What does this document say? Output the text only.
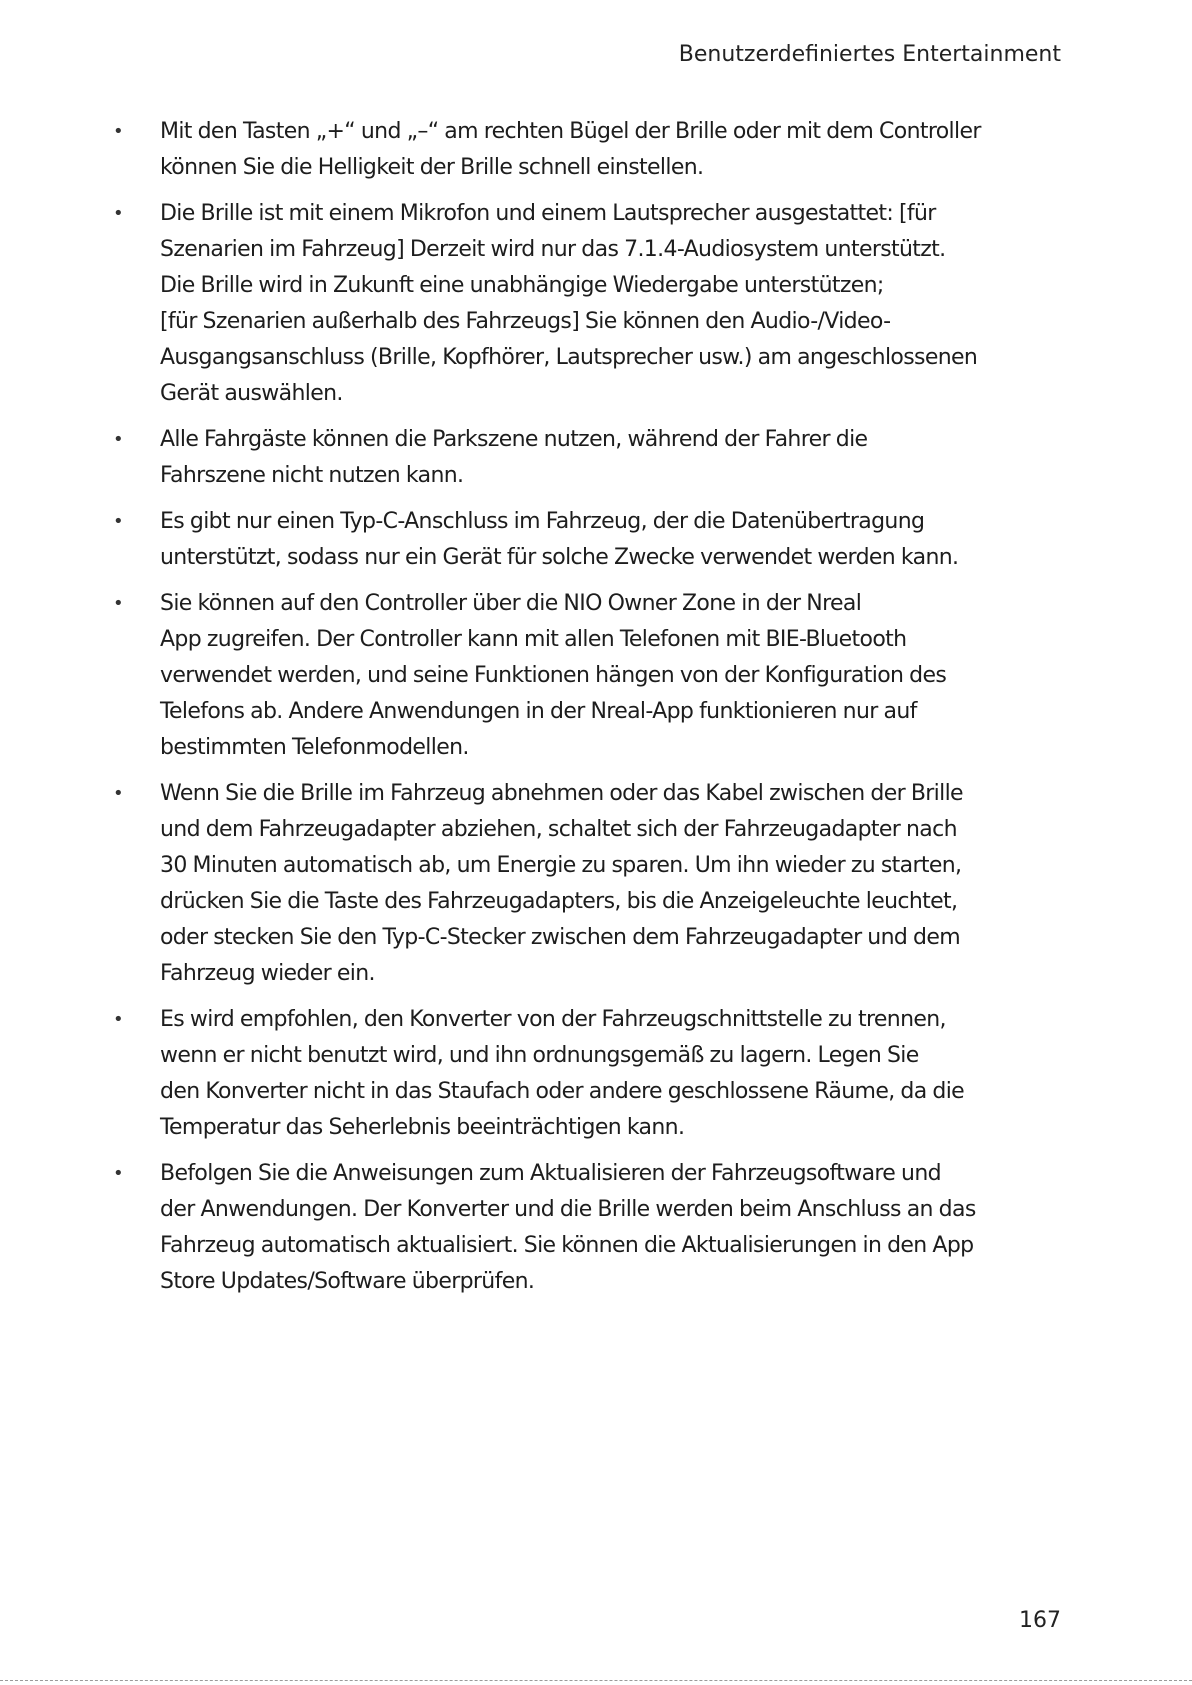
Benutzerdefiniertes Entertainment
• Mit den Tasten „+“ und „–“ am rechten Bügel der Brille oder mit dem Controller
können Sie die Helligkeit der Brille schnell einstellen.
• Die Brille ist mit einem Mikrofon und einem Lautsprecher ausgestattet: [für
Szenarien im Fahrzeug] Derzeit wird nur das 7.1.4-Audiosystem unterstützt.
Die Brille wird in Zukunft eine unabhängige Wiedergabe unterstützen;
[für Szenarien außerhalb des Fahrzeugs] Sie können den Audio-/Video-
Ausgangsanschluss (Brille, Kopfhörer, Lautsprecher usw.) am angeschlossenen
Gerät auswählen.
• Alle Fahrgäste können die Parkszene nutzen, während der Fahrer die
Fahrszene nicht nutzen kann.
• Es gibt nur einen Typ-C-Anschluss im Fahrzeug, der die Datenübertragung
unterstützt, sodass nur ein Gerät für solche Zwecke verwendet werden kann.
• Sie können auf den Controller über die NIO Owner Zone in der Nreal
App zugreifen. Der Controller kann mit allen Telefonen mit BIE-Bluetooth
verwendet werden, und seine Funktionen hängen von der Konfiguration des
Telefons ab. Andere Anwendungen in der Nreal-App funktionieren nur auf
bestimmten Telefonmodellen.
• Wenn Sie die Brille im Fahrzeug abnehmen oder das Kabel zwischen der Brille
und dem Fahrzeugadapter abziehen, schaltet sich der Fahrzeugadapter nach
30 Minuten automatisch ab, um Energie zu sparen. Um ihn wieder zu starten,
drücken Sie die Taste des Fahrzeugadapters, bis die Anzeigeleuchte leuchtet,
oder stecken Sie den Typ-C-Stecker zwischen dem Fahrzeugadapter und dem
Fahrzeug wieder ein.
• Es wird empfohlen, den Konverter von der Fahrzeugschnittstelle zu trennen,
wenn er nicht benutzt wird, und ihn ordnungsgemäß zu lagern. Legen Sie
den Konverter nicht in das Staufach oder andere geschlossene Räume, da die
Temperatur das Seherlebnis beeinträchtigen kann.
• Befolgen Sie die Anweisungen zum Aktualisieren der Fahrzeugsoftware und
der Anwendungen. Der Konverter und die Brille werden beim Anschluss an das
Fahrzeug automatisch aktualisiert. Sie können die Aktualisierungen in den App
Store Updates/Software überprüfen.
167
